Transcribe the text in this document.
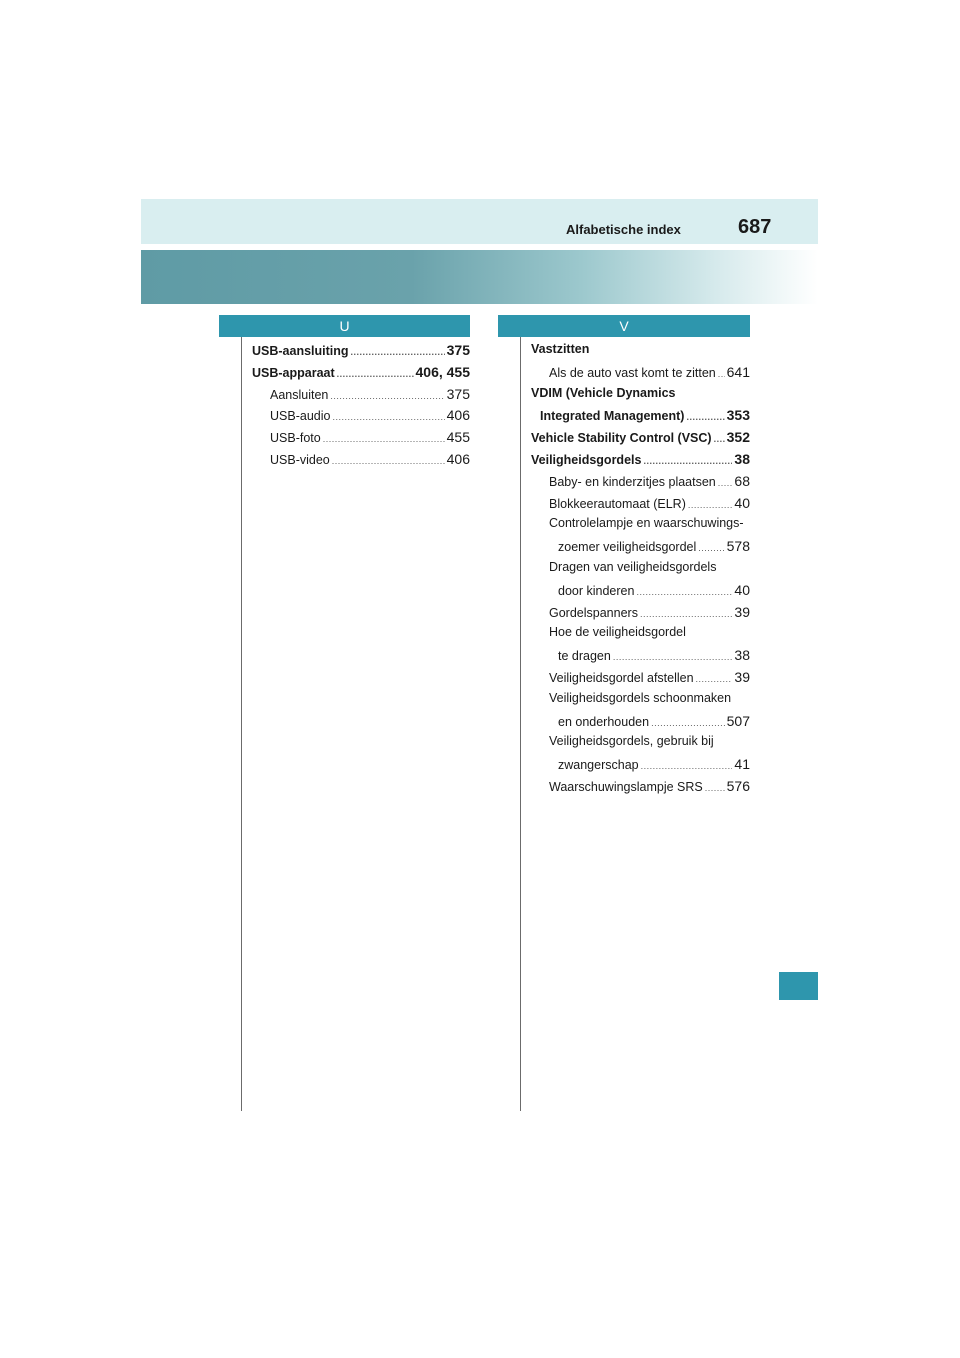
Alfabetische index	687
U	V
USB-aansluiting .....	375
USB-apparaat .....	406, 455
Aansluiten .....	375
USB-audio .....	406
USB-foto .....	455
USB-video .....	406
Vastzitten
Als de auto vast komt te zitten ..... 641
VDIM (Vehicle Dynamics
Integrated Management) .....	353
Vehicle Stability Control (VSC) ..... 352
Veiligheidsgordels .....	38
Baby- en kinderzitjes plaatsen ..... 68
Blokkeerautomaat (ELR) .....	40
Controlelampje en waarschuwings-
zoemer veiligheidsgordel ..... 578
Dragen van veiligheidsgordels
door kinderen .....	40
Gordelspanners .....	39
Hoe de veiligheidsgordel
te dragen .....	38
Veiligheidsgordel afstellen .....	39
Veiligheidsgordels schoonmaken
en onderhouden .....	507
Veiligheidsgordels, gebruik bij
zwangerschap .....	41
Waarschuwingslampje SRS ..... 576
